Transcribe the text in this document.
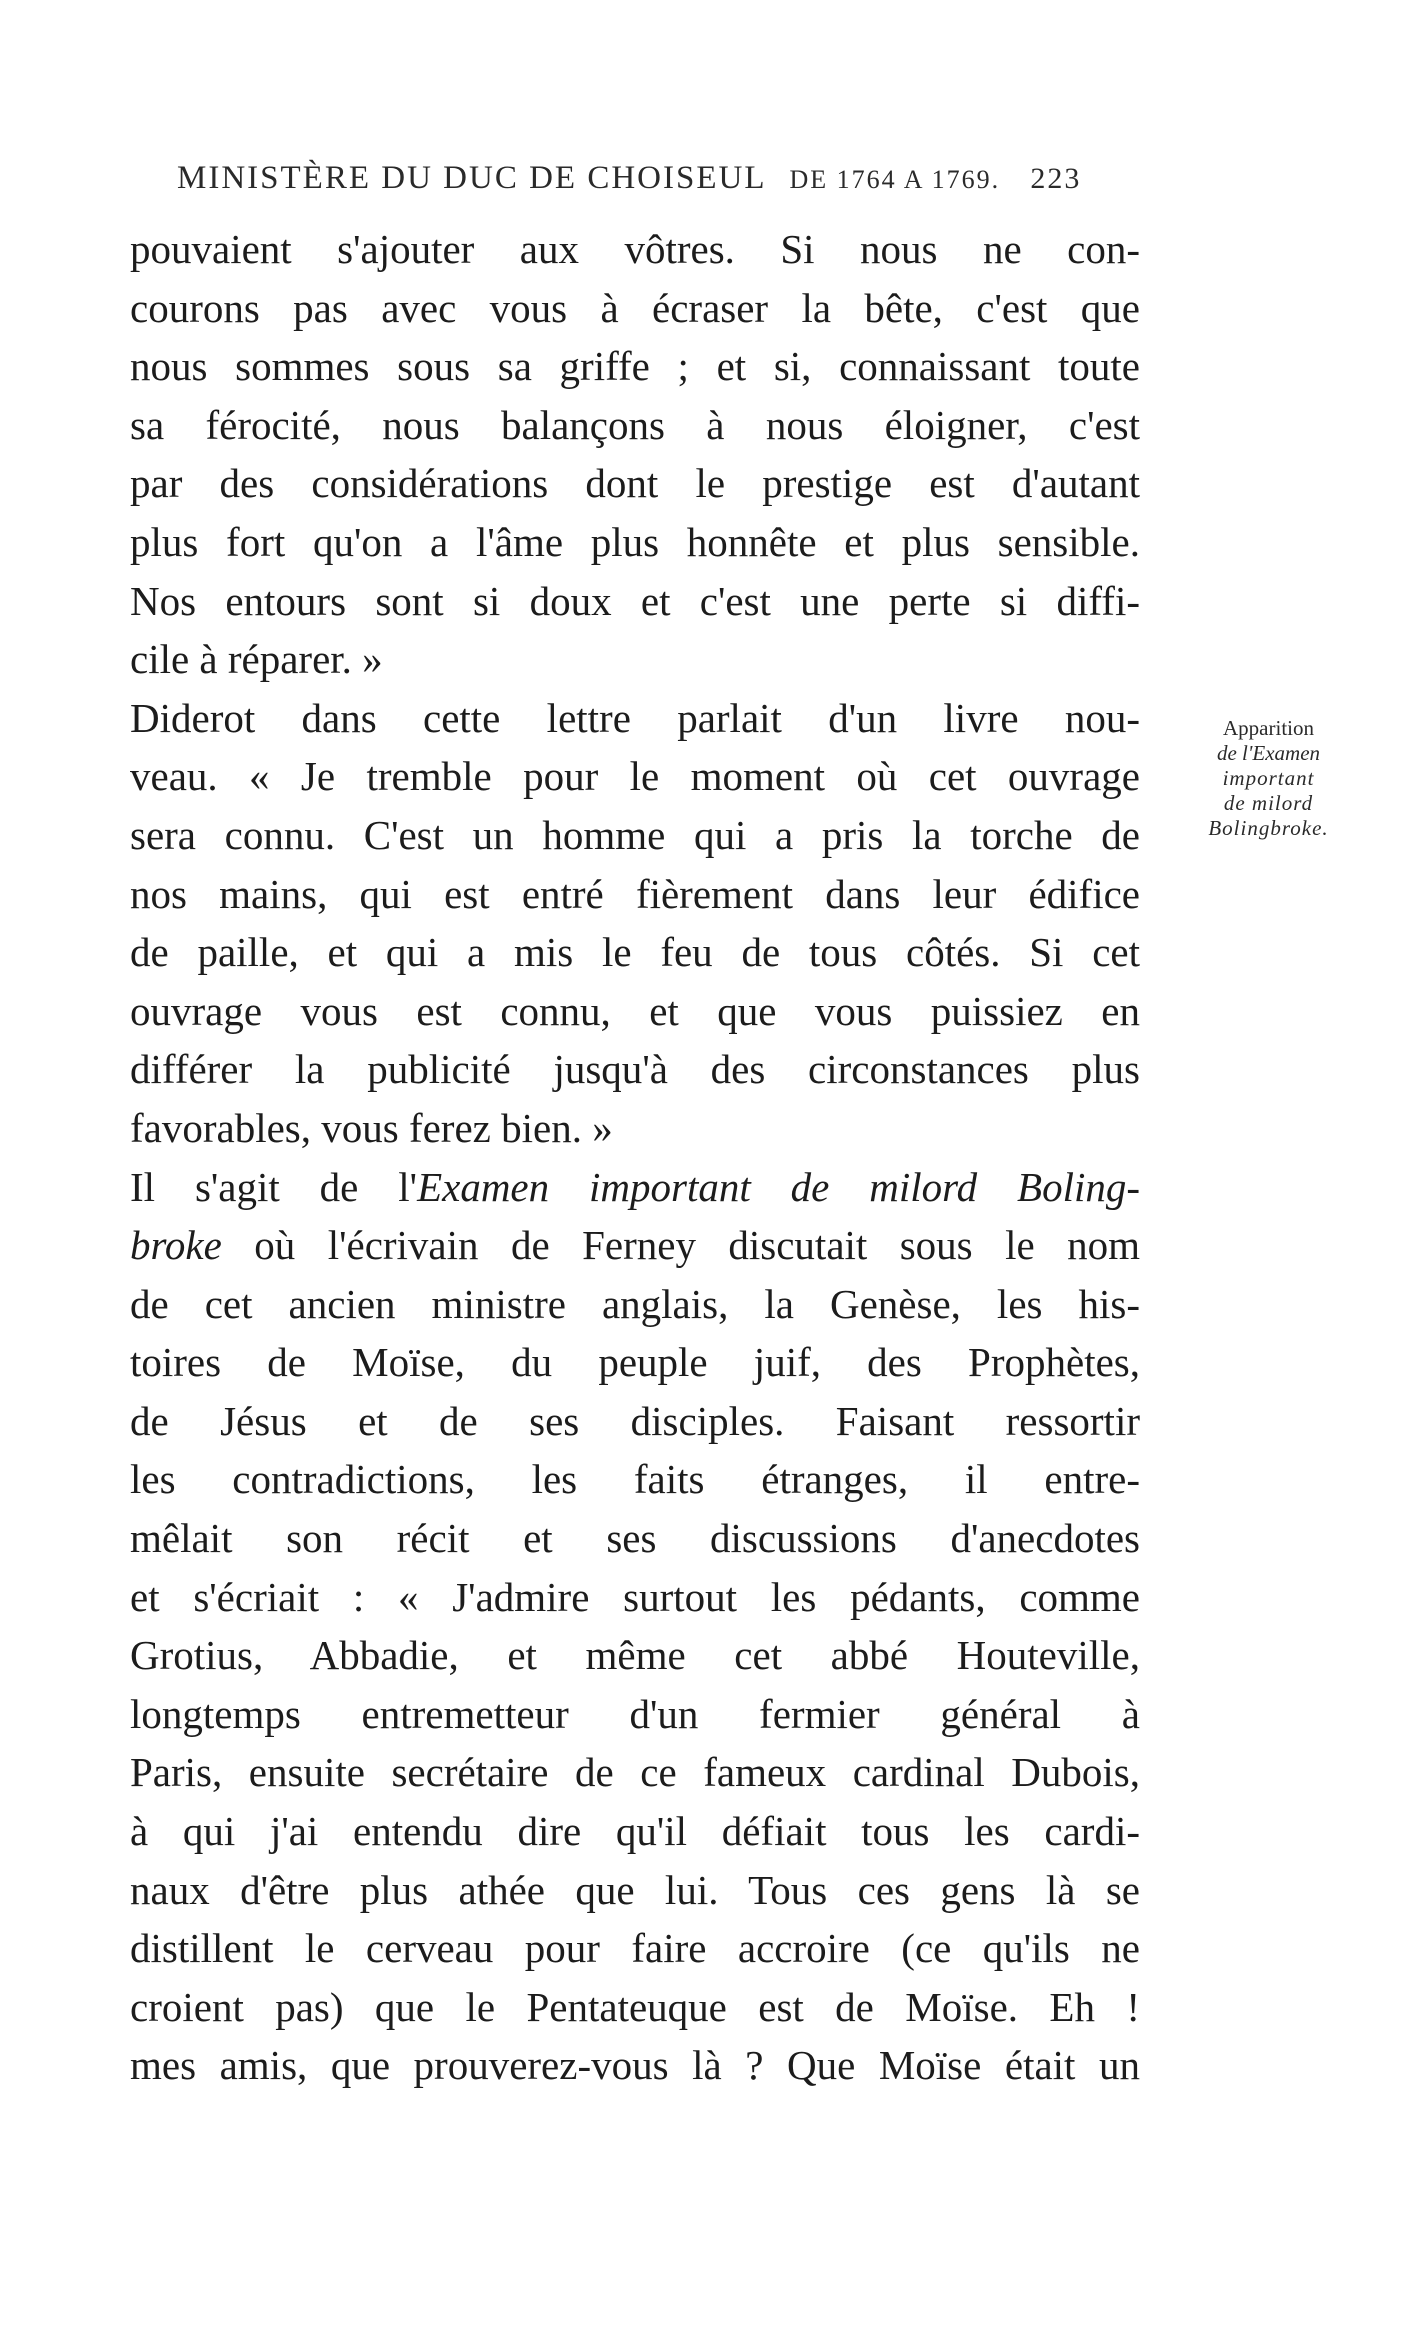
MINISTÈRE DU DUC DE CHOISEUL DE 1764 A 1769. 223
pouvaient s'ajouter aux vôtres. Si nous ne con-
courons pas avec vous à écraser la bête, c'est que
nous sommes sous sa griffe ; et si, connaissant toute
sa férocité, nous balançons à nous éloigner, c'est
par des considérations dont le prestige est d'autant
plus fort qu'on a l'âme plus honnête et plus sensible.
Nos entours sont si doux et c'est une perte si diffi-
cile à réparer. »
Diderot dans cette lettre parlait d'un livre nou-
veau. « Je tremble pour le moment où cet ouvrage
sera connu. C'est un homme qui a pris la torche de
nos mains, qui est entré fièrement dans leur édifice
de paille, et qui a mis le feu de tous côtés. Si cet
ouvrage vous est connu, et que vous puissiez en
différer la publicité jusqu'à des circonstances plus
favorables, vous ferez bien. »
Il s'agit de l'Examen important de milord Boling-
broke où l'écrivain de Ferney discutait sous le nom
de cet ancien ministre anglais, la Genèse, les his-
toires de Moïse, du peuple juif, des Prophètes,
de Jésus et de ses disciples. Faisant ressortir
les contradictions, les faits étranges, il entre-
mêlait son récit et ses discussions d'anecdotes
et s'écriait : « J'admire surtout les pédants, comme
Grotius, Abbadie, et même cet abbé Houteville,
longtemps entremetteur d'un fermier général à
Paris, ensuite secrétaire de ce fameux cardinal Dubois,
à qui j'ai entendu dire qu'il défiait tous les cardi-
naux d'être plus athée que lui. Tous ces gens là se
distillent le cerveau pour faire accroire (ce qu'ils ne
croient pas) que le Pentateuque est de Moïse. Eh !
mes amis, que prouverez-vous là ? Que Moïse était un
Apparition
de l'Examen
important
de milord
Bolingbroke.
